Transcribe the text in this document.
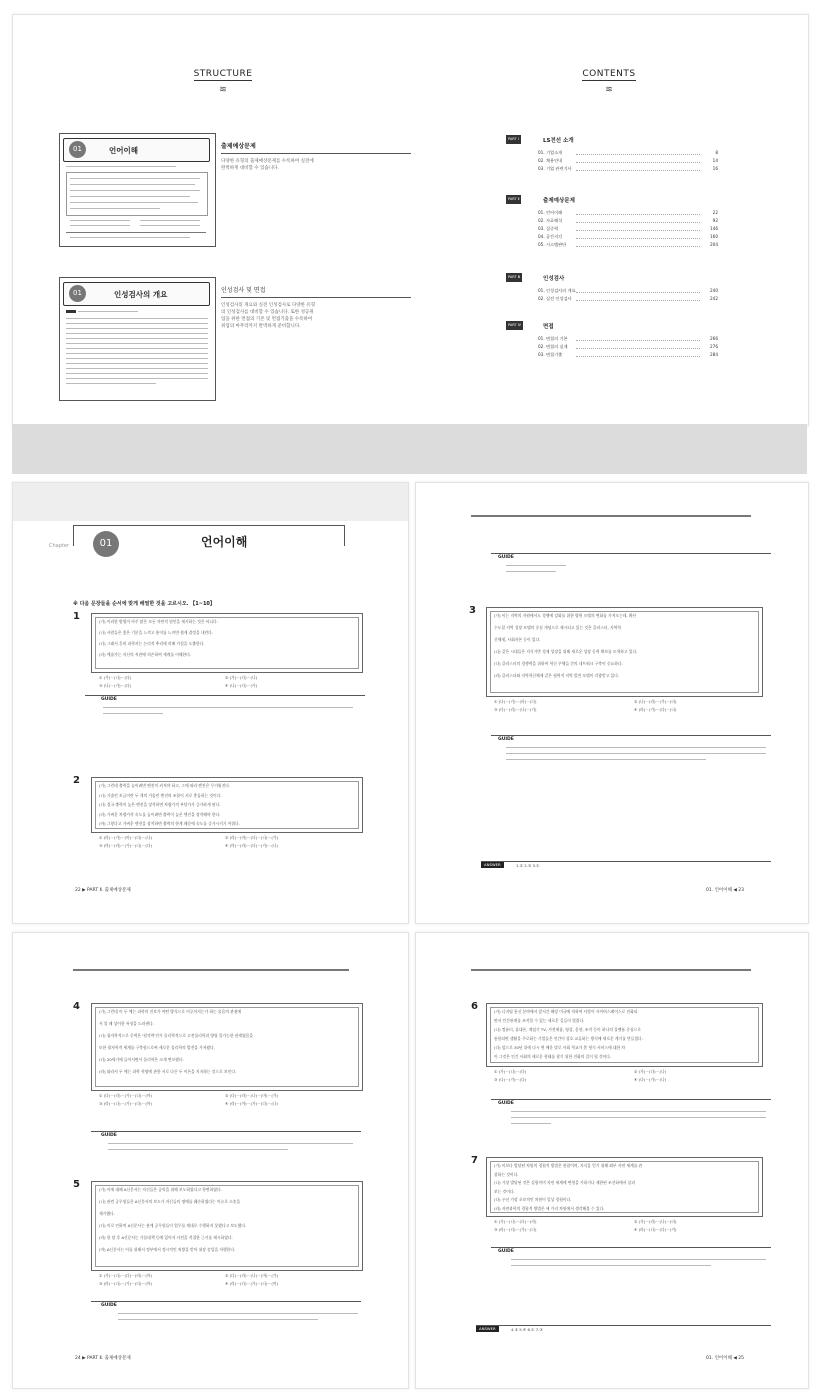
STRUCTURE
≋
01	언어이해	출제예상문제
다양한 유형의 출제예상문제를 수록하여 실전에 완벽하게 대비할 수 있습니다.
01	인성검사의 개요	인성검사 및 면접
인성검사의 개요와 실전 인성검사로 다양한 유형의 인성검사를 대비할 수 있습니다. 또한 성공취업을 위한 면접의 기본 및 면접기출을 수록하여 취업의 마무리까지 완벽하게 준비합니다.
CONTENTS
≋
PART Ⅰ	LS전선 소개
01. 기업소개	8
02. 채용안내	14
03. 기업 관련기사	16
PART Ⅱ	출제예상문제
01. 언어이해	22
02. 자료해석	92
03. 집중력	146
04. 공간지각	160
05. 시스템판단	204
PART Ⅲ	인성검사
01. 인성검사의 개요	240
02. 실전 인성검사	242
PART Ⅳ	면접
01. 면접의 기본	266
02. 면접의 실제	276
03. 면접기출	284
Chapter	01	언어이해
※ 다음 문장들을 순서에 맞게 배열한 것을 고르시오. 【1~10】
1	(가) 이러한 방법이 아주 많은 모든 자연적 원인을 제거하는 것은 아니다.
(나) 사람들은 좋은 기분을 느끼고 흥미를 느끼면 쉽게 결정을 내린다.
(다) 그래서 흔히 과학자는 논리적 추리에 의해 가설을 도출한다.
(라) 예술가는 자신의 직관에 의존하여 세계를 이해한다.
① (가)－(나)－(다)	② (가)－(다)－(나)
③ (나)－(가)－(다)	④ (나)－(다)－(가)
GUIDE
2	(가) 그런데 출력을 높이려면 엔진이 커져야 하고, 그에 따라 엔진은 무거워진다.
(나) 가솔린 보급이란 두 개의 가솔린 엔진의 조합이 서로 충돌하는 것이다.
(다) 결국 출력이 높은 엔진을 장착하면 차량가격 부담가가 증가하게 된다.
(라) 가벼운 차량가격 속도를 높이려면 출력이 높은 엔진을 장착해야 한다.
(마) 그렇다고 가벼운 엔진을 장착하면 출력의 한계 때문에 속도를 증가시키기 어렵다.
① (라)－(가)－(마)－(다)－(나)	② (라)－(마)－(다)－(나)－(가)
③ (마)－(라)－(가)－(나)－(다)	④ (마)－(라)－(다)－(가)－(나)
22 ▶ PART Ⅱ. 출제예상문제
GUIDE
3	(가) 이는 지역의 자원에서도 경쟁에 강화를 위한 방편 모델의 변화를 가져오는데, 확산
수도할 지역 성장 모델의 중심 개념으로 제시되고 있는 것은 클러스터, 지역혁
신체제, 사회자본 등이 있다.
(나) 같은 시대들은 지식기반 경제 성장을 위해 새로운 성장 동력 확보를 모색하고 있다.
(다) 클러스터의 경쟁력을 위하여 혁신 주체들 간의 네트워크 구축이 중요하다.
(라) 클러스터와 지역혁신체제 같은 협력적 지역 발전 모델이 각광받고 있다.
① (나)－(가)－(라)－(다)	② (나)－(라)－(가)－(다)
③ (다)－(라)－(나)－(가)	④ (라)－(가)－(다)－(나)
GUIDE
ANSWER	1.② 2.③ 3.①
01. 언어이해 ◀ 23
4	(가) 그런데 이 두 예는 과학의 진보가 어떤 방식으로 이루어지는가 하는 물음의 관점에
서 볼 때 상이한 특징을 드러낸다.
(나) 광자학적으로 중력은 '원격력'인가 물리학적으로 고전물리학과 양립 불가능한 관계였음을
또한 광자학적 세계를 구축함으로써 새로운 물리학의 발전을 가져왔다.
(다) 20세기에 들어서면서 물리학은 크게 변모했다.
(라) 따라서 두 예는 과학 혁명에 관한 서로 다른 두 이론을 지지하는 것으로 보인다.
① (다)－(라)－(가)－(나)－(마)	② (다)－(라)－(나)－(마)－(가)
③ (라)－(나)－(가)－(다)－(마)	④ (라)－(마)－(가)－(다)－(나)
GUIDE
5	(가) 이에 대해 A신문사는 자신들은 공익을 위해 보도하였다고 항변하였다.
(나) 관련 공무원들은 A신문사의 보도가 자신들의 명예를 훼손하였다는 이유로 소송을
제기했다.
(다) 이로 인하여 A신문사는 관계 공무원들이 업무를 제대로 수행하지 못했다고 보도했다.
(라) 한 달 후 A신문사는 가뭄대책 등에 있어서 사전을 적절한 근거를 제시하였다.
(마) A신문사는 이를 위해서 정부에서 정시적인 처방을 받아 위장 송입을 자행한다.
① (가)－(나)－(다)－(라)－(마)	② (다)－(라)－(나)－(마)－(가)
③ (라)－(나)－(가)－(다)－(마)	④ (라)－(다)－(가)－(나)－(마)
GUIDE
24 ▶ PART Ⅱ. 출제예상문제
6	(가) 디지털 통신 분야에서 앞서간 해당 미국에 의하여 사람이 사이버스페이스로 진화되
면서 인간관계를 조작할 수 있는 새로운 길들이 열렸다.
(나) 컴퓨터, 휴대폰, 게임기 TV, 가전제품, 영상, 음향, 조작 등이 하나의 플랫폼 중심으로
통합되면 생활을 주로하는 기업들은 인간이 상호 교류하는 방식에 새로운 계기를 만들었다.
(다) 앞으로 30년 뒤에 다시 면 배운 말로 사회 학교가 쏟 형식 서비스에 대한 차
이 그것은 인간 사회의 새로운 형태를 찾기 위한 진화의 길이 될 것이다.
① (가)－(나)－(다)	② (가)－(다)－(나)
③ (나)－(가)－(다)	④ (다)－(가)－(나)
GUIDE
7	(가) 이보다 발달된 차원의 경험적 방법은 관찰이며, 지식을 얻기 위해 외부 자연 세계를 관
찰하는 것이다.
(나) 가장 발달된 것은 실험이며 자연 세계에 변형을 가하거나 제한된 조건하에서 살펴
보는 것이다.
(다) 우선 가장 초보적인 차원이 일상 경험이다.
(라) 자연과학의 경험적 방법은 세 가지 차원에서 생각해볼 수 있다.
① (가)－(나)－(다)－(라)	② (가)－(라)－(나)－(다)
③ (라)－(다)－(가)－(나)	④ (라)－(나)－(다)－(가)
GUIDE
ANSWER	4.③ 5.④ 6.① 7.③
01. 언어이해 ◀ 25
